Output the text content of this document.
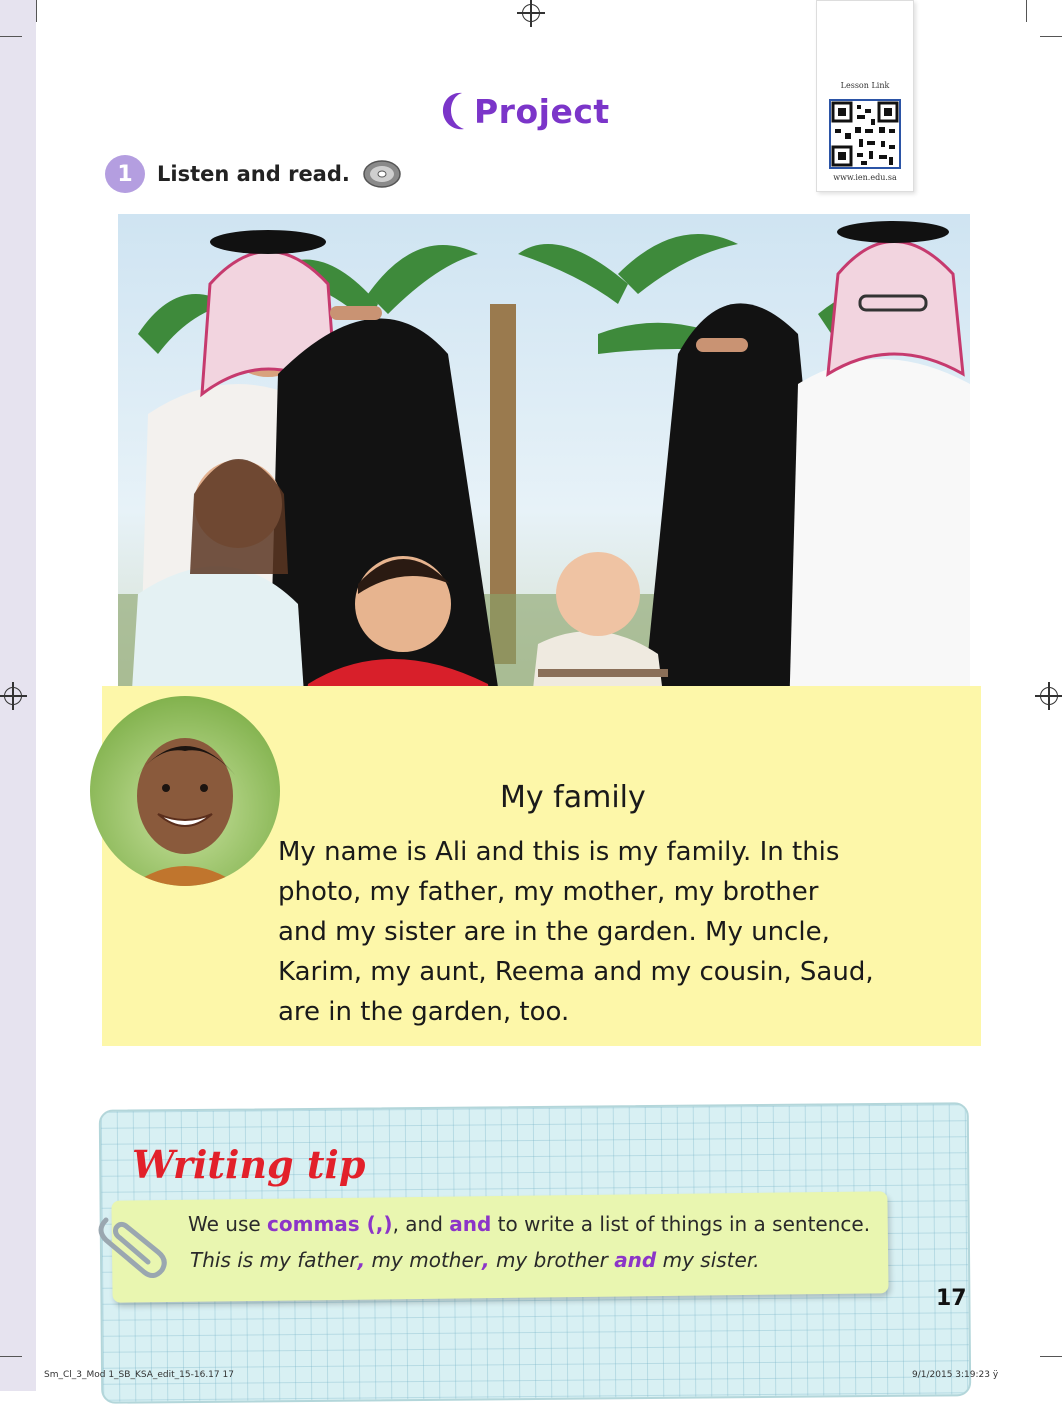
Project
Lesson Link
www.ien.edu.sa
1	Listen and read.
My family
My name is Ali and this is my family. In this
photo, my father, my mother, my brother
and my sister are in the garden. My uncle,
Karim, my aunt, Reema and my cousin, Saud,
are in the garden, too.
Writing tip
We use commas (,), and and to write a list of things in a sentence.
This is my father, my mother, my brother and my sister.
17
Sm_Cl_3_Mod 1_SB_KSA_edit_15-16.17 17	9/1/2015 3:19:23 ÿ
